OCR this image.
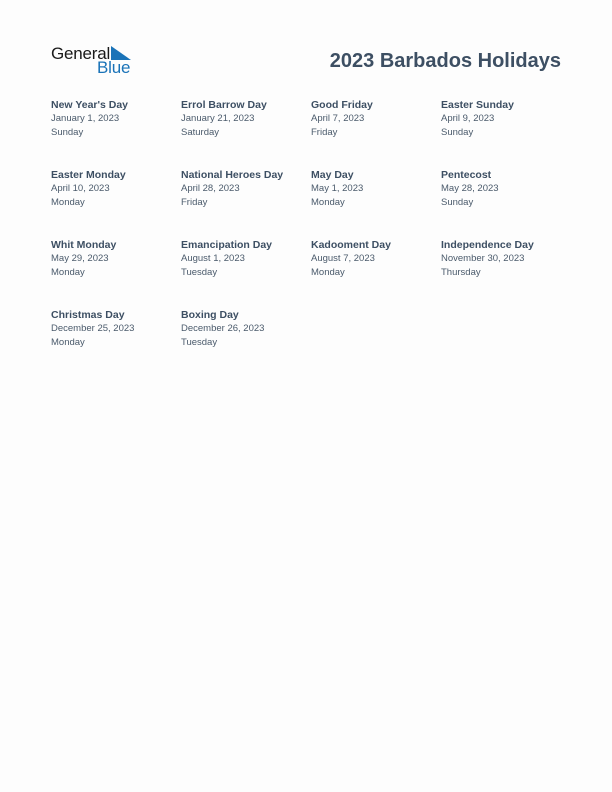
General
Blue	2023 Barbados Holidays
New Year's Day
January 1, 2023
Sunday
Errol Barrow Day
January 21, 2023
Saturday
Good Friday
April 7, 2023
Friday
Easter Sunday
April 9, 2023
Sunday
Easter Monday
April 10, 2023
Monday
National Heroes Day
April 28, 2023
Friday
May Day
May 1, 2023
Monday
Pentecost
May 28, 2023
Sunday
Whit Monday
May 29, 2023
Monday
Emancipation Day
August 1, 2023
Tuesday
Kadooment Day
August 7, 2023
Monday
Independence Day
November 30, 2023
Thursday
Christmas Day
December 25, 2023
Monday
Boxing Day
December 26, 2023
Tuesday
